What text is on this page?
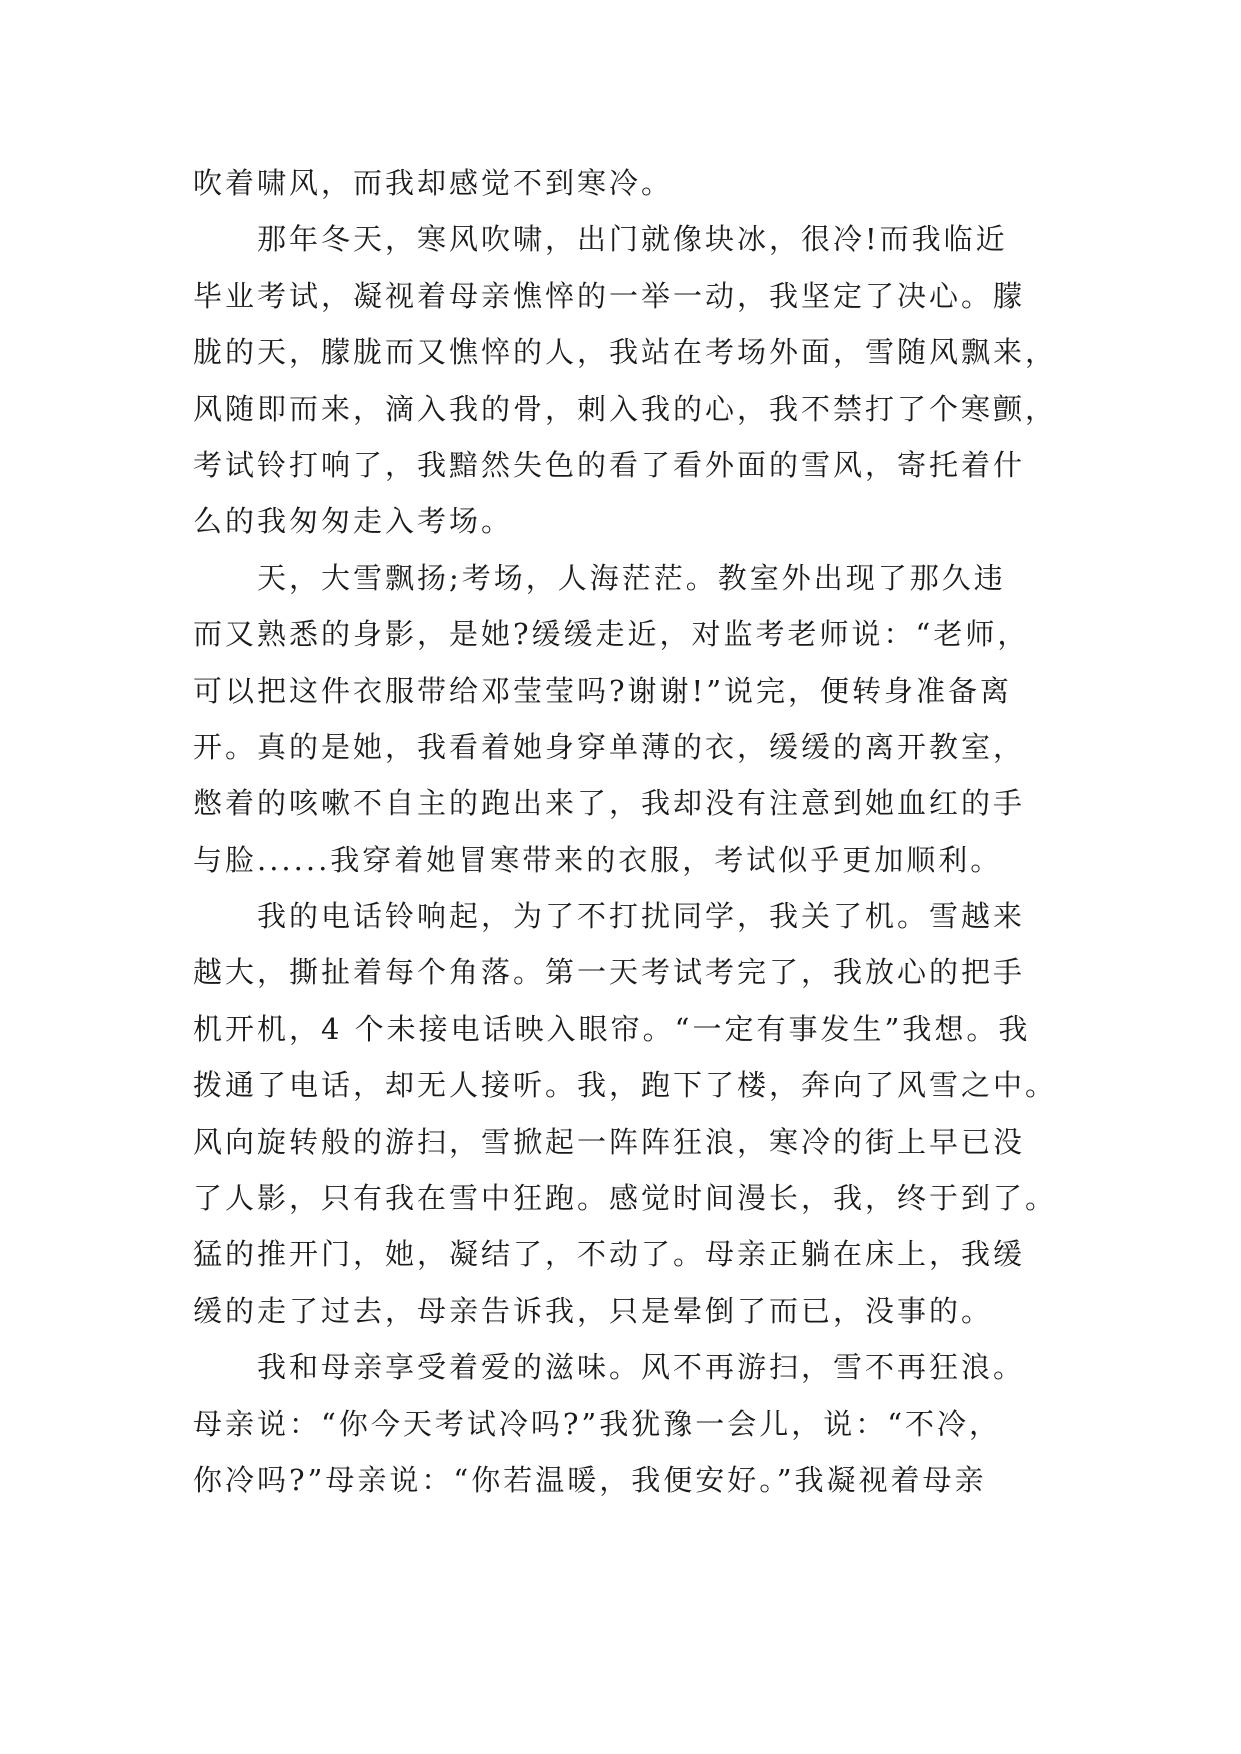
吹着啸风，而我却感觉不到寒冷。
那年冬天，寒风吹啸，出门就像块冰，很冷!而我临近
毕业考试，凝视着母亲憔悴的一举一动，我坚定了决心。朦
胧的天，朦胧而又憔悴的人，我站在考场外面，雪随风飘来，
风随即而来，滴入我的骨，刺入我的心，我不禁打了个寒颤，
考试铃打响了，我黯然失色的看了看外面的雪风，寄托着什
么的我匆匆走入考场。
天，大雪飘扬;考场，人海茫茫。教室外出现了那久违
而又熟悉的身影，是她?缓缓走近，对监考老师说：“老师，
可以把这件衣服带给邓莹莹吗?谢谢!”说完，便转身准备离
开。真的是她，我看着她身穿单薄的衣，缓缓的离开教室，
憋着的咳嗽不自主的跑出来了，我却没有注意到她血红的手
与脸......我穿着她冒寒带来的衣服，考试似乎更加顺利。
我的电话铃响起，为了不打扰同学，我关了机。雪越来
越大，撕扯着每个角落。第一天考试考完了，我放心的把手
机开机，4 个未接电话映入眼帘。“一定有事发生”我想。我
拨通了电话，却无人接听。我，跑下了楼，奔向了风雪之中。
风向旋转般的游扫，雪掀起一阵阵狂浪，寒冷的街上早已没
了人影，只有我在雪中狂跑。感觉时间漫长，我，终于到了。
猛的推开门，她，凝结了，不动了。母亲正躺在床上，我缓
缓的走了过去，母亲告诉我，只是晕倒了而已，没事的。
我和母亲享受着爱的滋味。风不再游扫，雪不再狂浪。
母亲说：“你今天考试冷吗?”我犹豫一会儿，说：“不冷，
你冷吗?”母亲说：“你若温暖，我便安好。”我凝视着母亲
